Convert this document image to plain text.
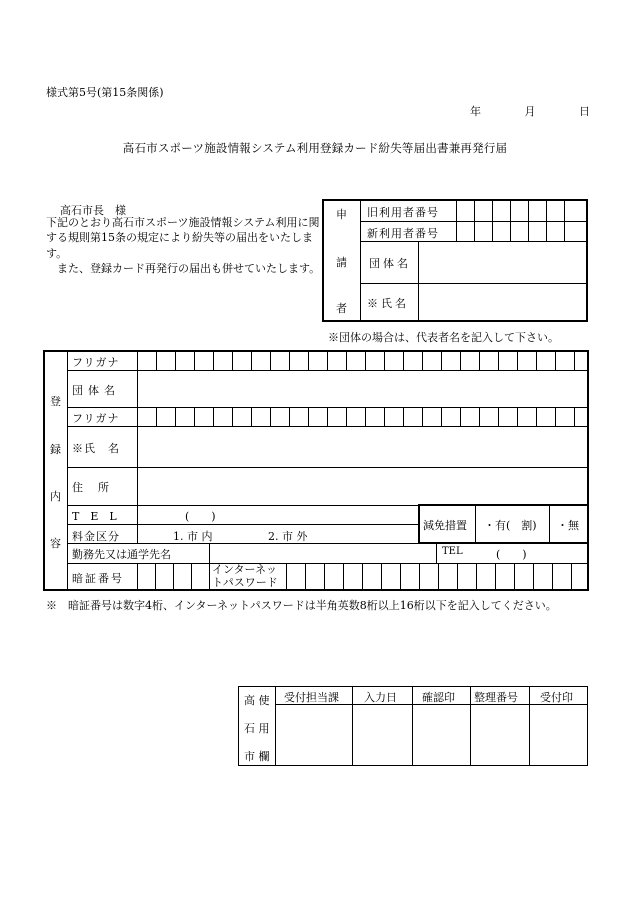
様式第5号(第15条関係)
年	月	日
高石市スポーツ施設情報システム利用登録カード紛失等届出書兼再発行届
高石市長　様

下記のとおり高石市スポーツ施設情報システム利用に関する規則第15条の規定により紛失等の届出をいたします。

また、登録カード再発行の届出も併せていたします。

申
請
者
旧利用者番号
新利用者番号
団体名
※氏名
※団体の場合は、代表者名を記入して下さい。
登
録
内
容
フリガナ
団体名
フリガナ
※氏　名
住　所
T　E　L	(　　)
料金区分	1. 市 内	2. 市 外
減免措置 ・有(　割) ・無
勤務先又は通学先名	TEL	(　　)
暗証番号
インターネッ
トパスワード
※　暗証番号は数字4桁、インターネットパスワードは半角英数8桁以上16桁以下を記入してください。
高 使
石 用
市 欄
受付担当課 入力日 確認印 整理番号 受付印
